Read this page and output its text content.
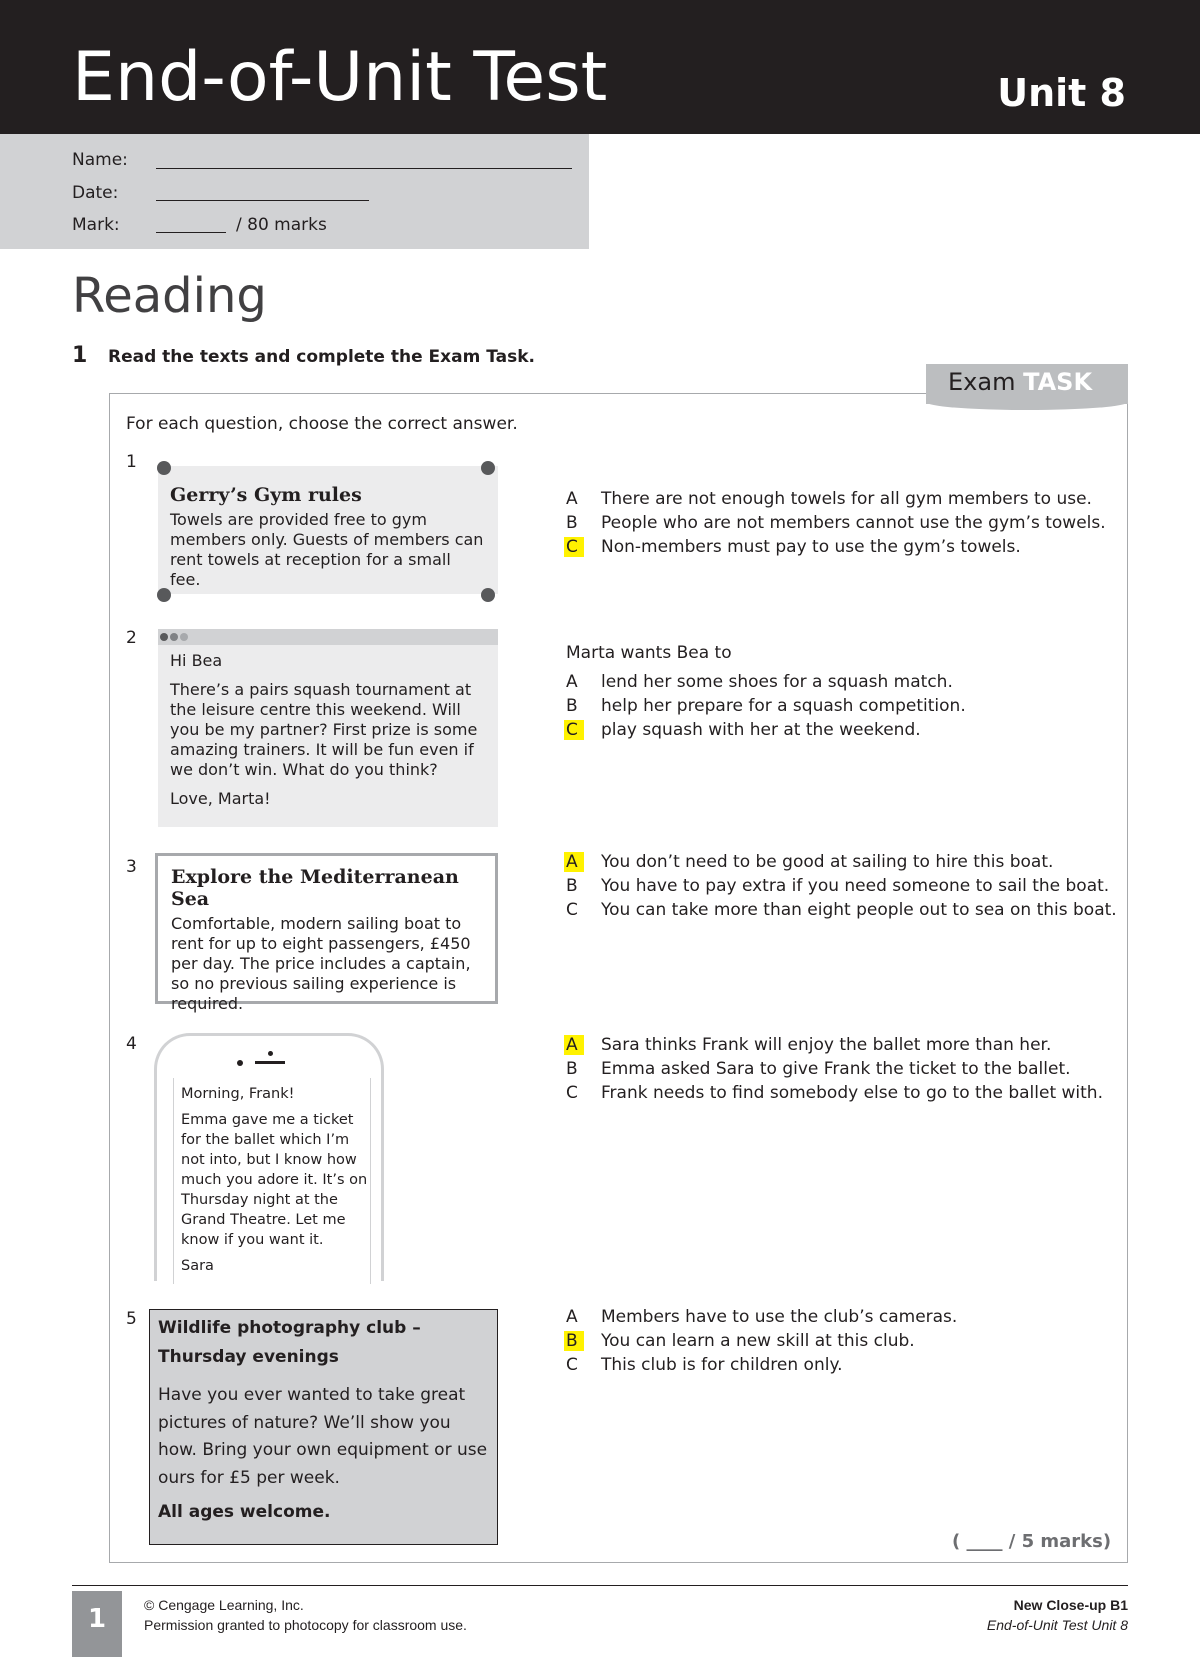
End-of-Unit Test	Unit 8
Name:
Date:
Mark:	/ 80 marks
Reading
1 Read the texts and complete the Exam Task.
Exam TASK
For each question, choose the correct answer.
1
Gerry’s Gym rules
Towels are provided free to gym members only. Guests of members can rent towels at reception for a small fee.
A	There are not enough towels for all gym members to use.
B	People who are not members cannot use the gym’s towels.
C	Non-members must pay to use the gym’s towels.
2

Hi Bea

There’s a pairs squash tournament at the leisure centre this weekend. Will you be my partner? First prize is some amazing trainers. It will be fun even if we don’t win. What do you think?

Love, Marta!

Marta wants Bea to
A	lend her some shoes for a squash match.
B	help her prepare for a squash competition.
C	play squash with her at the weekend.
3 Explore the Mediterranean Sea
Comfortable, modern sailing boat to rent for up to eight passengers, £450 per day. The price includes a captain, so no previous sailing experience is required.
A	You don’t need to be good at sailing to hire this boat.
B	You have to pay extra if you need someone to sail the boat.
C	You can take more than eight people out to sea on this boat.
4

Morning, Frank!

Emma gave me a ticket for the ballet which I’m not into, but I know how much you adore it. It’s on Thursday night at the Grand Theatre. Let me know if you want it.

Sara

A	Sara thinks Frank will enjoy the ballet more than her.
B	Emma asked Sara to give Frank the ticket to the ballet.
C	Frank needs to find somebody else to go to the ballet with.
5 Wildlife photography club –
Thursday evenings
Have you ever wanted to take great pictures of nature? We’ll show you how. Bring your own equipment or use ours for £5 per week.
All ages welcome.
A	Members have to use the club’s cameras.
B	You can learn a new skill at this club.
C	This club is for children only.
( ____ / 5 marks)
1	© Cengage Learning, Inc.
Permission granted to photocopy for classroom use.
New Close-up B1
End-of-Unit Test Unit 8
